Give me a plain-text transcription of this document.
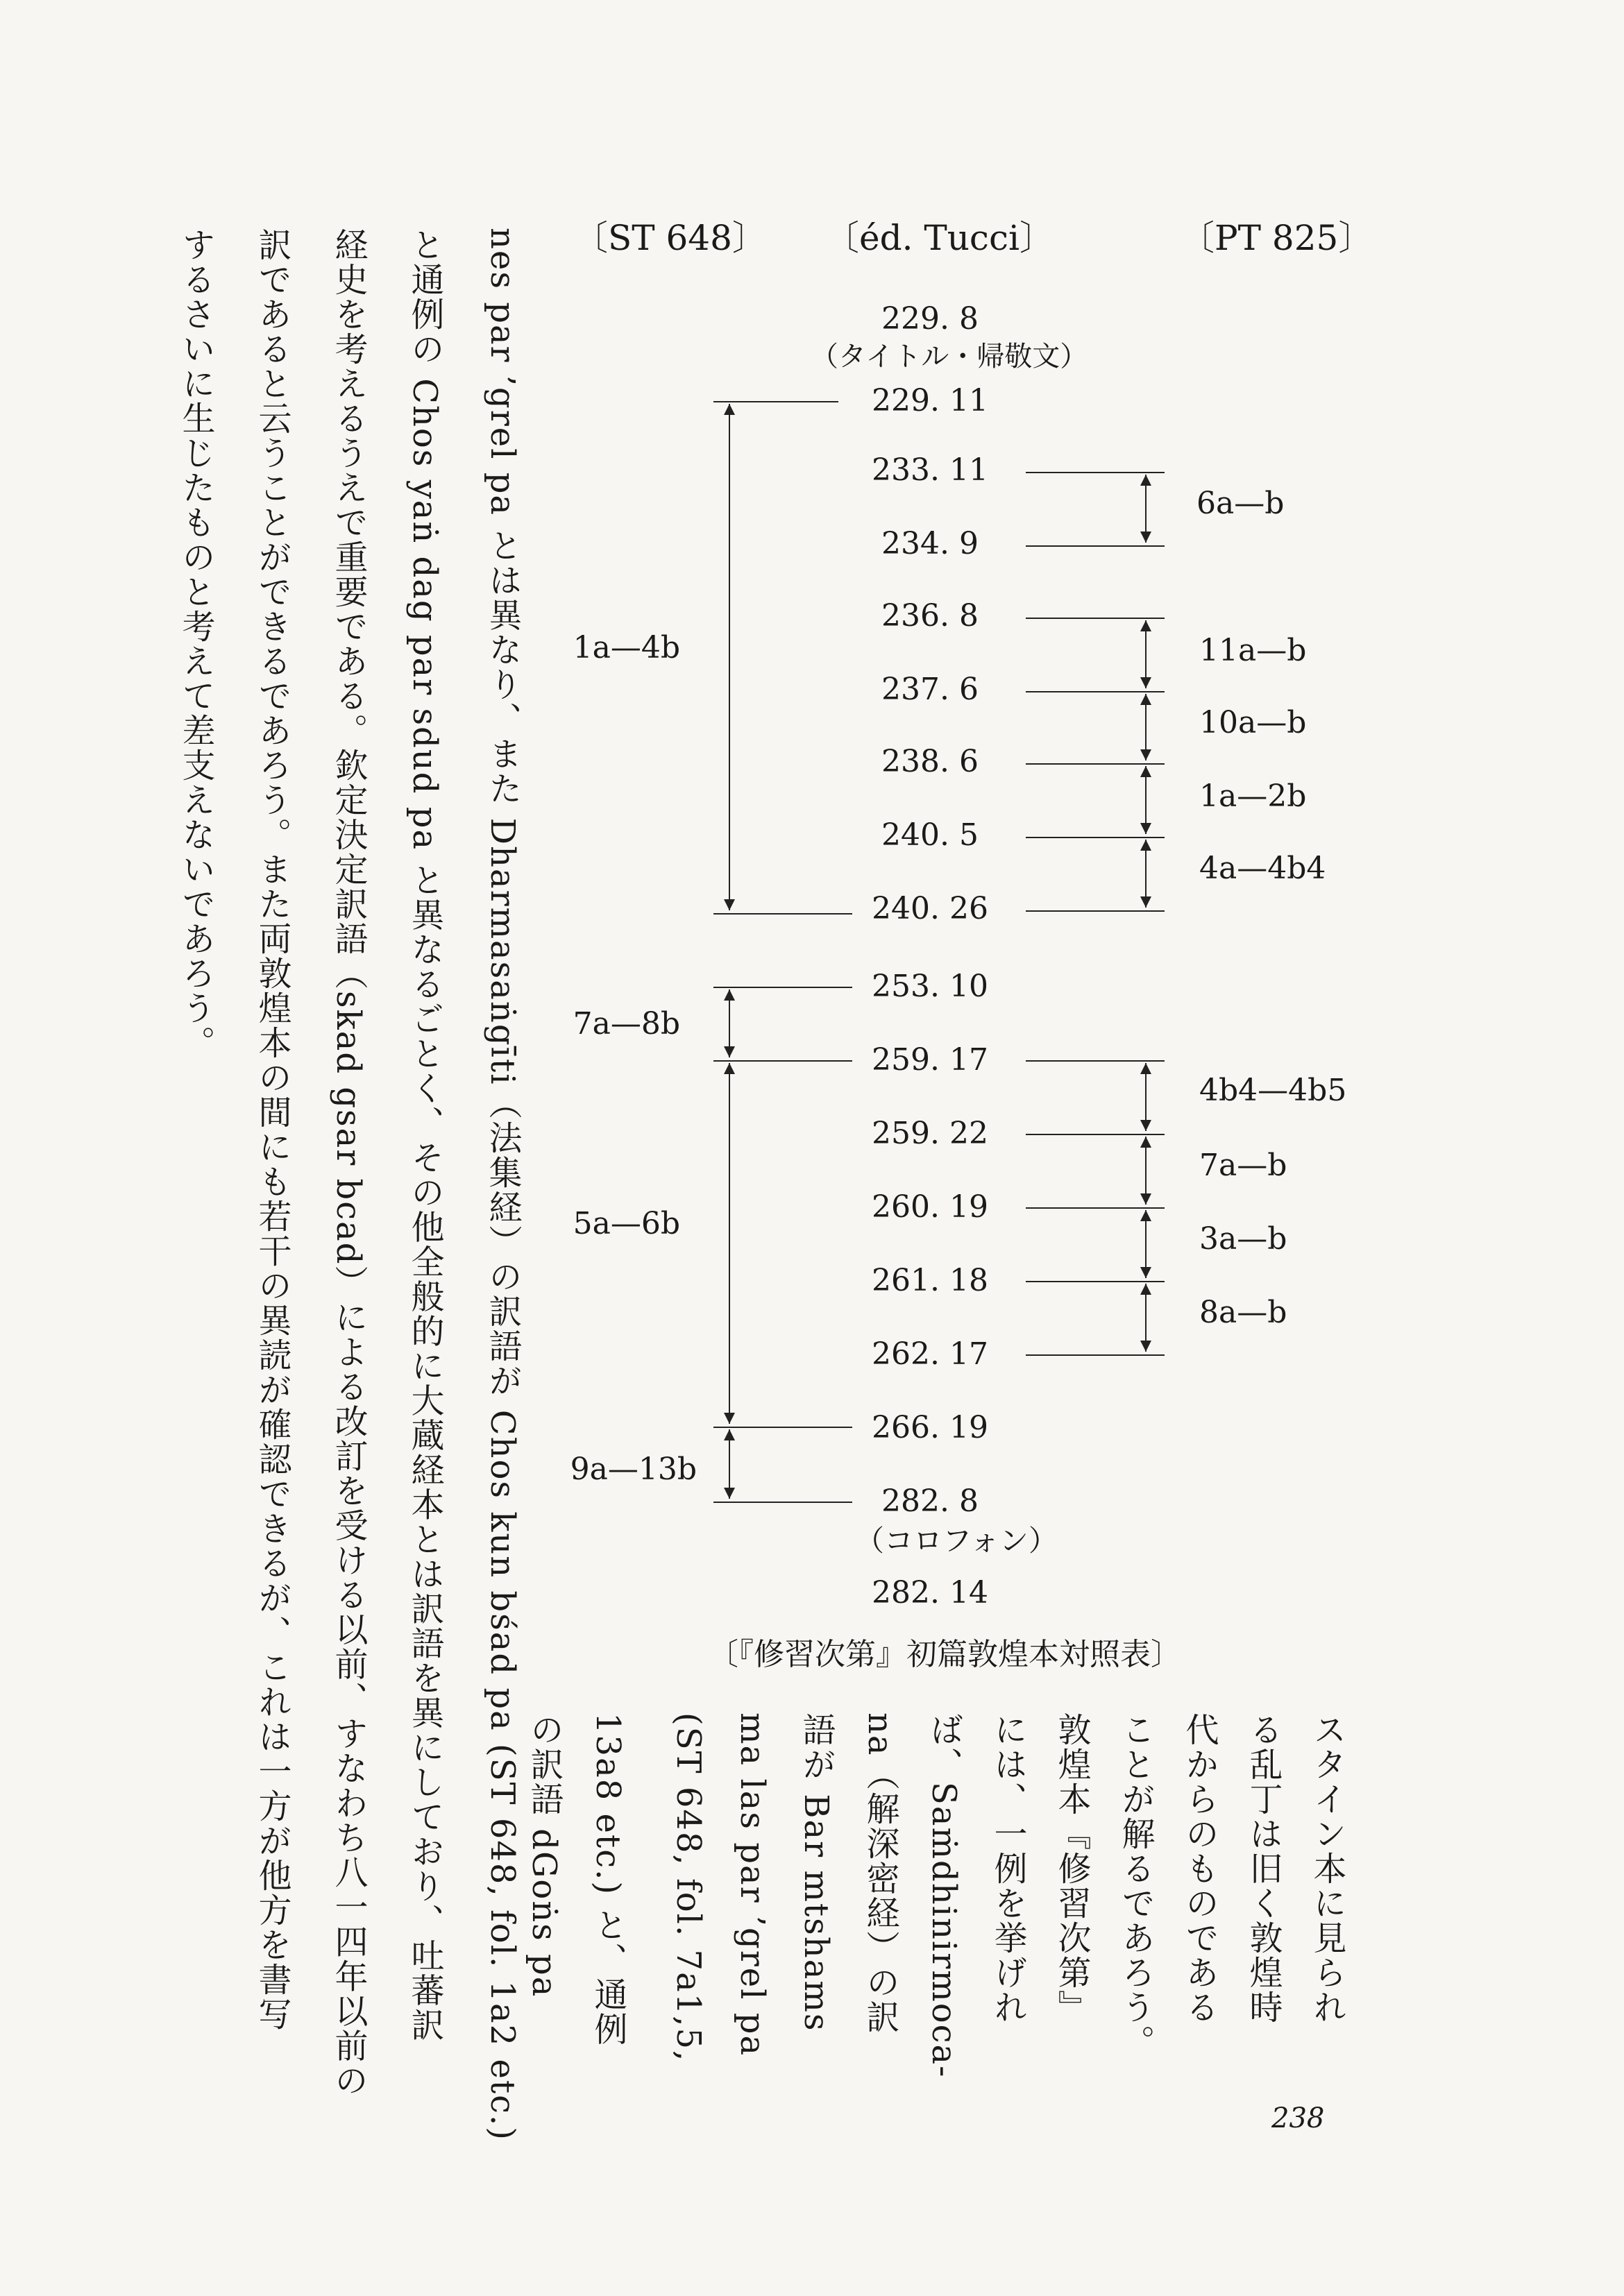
nes par ’grel pa とは異なり、また Dharmasaṅgīti（法集経）の訳語が Chos kun bśad pa (ST 648, fol. 1a2 etc.)
と通例の Chos yaṅ dag par sdud pa と異なるごとく、その他全般的に大蔵経本とは訳語を異にしており、吐蕃訳
経史を考えるうえで重要である。欽定決定訳語（skad gsar bcad）による改訂を受ける以前、すなわち八一四年以前の
訳であると云うことができるであろう。また両敦煌本の間にも若干の異読が確認できるが、これは一方が他方を書写
するさいに生じたものと考えて差支えないであろう。	〔ST 648〕 〔éd. Tucci〕	〔PT 825〕
229. 8
（タイトル・帰敬文）
229. 11
233. 11
234. 9
236. 8
237. 6
238. 6
240. 5
240. 26
253. 10
259. 17
259. 22
260. 19
261. 18
262. 17
266. 19
282. 8
（コロフォン）
282. 14
1a—4b
7a—8b
5a—6b
9a—13b
6a—b
11a—b
10a—b
1a—2b
4a—4b4
4b4—4b5
7a—b
3a—b
8a—b
〔『修習次第』初篇敦煌本対照表〕
スタイン本に見られ
る乱丁は旧く敦煌時
代からのものである
ことが解るであろう。
敦煌本『修習次第』
には、一例を挙げれ
ば、Saṁdhinirmoca-
na（解深密経）の訳
語が Bar mtshams
ma las par ’grel pa
(ST 648, fol. 7a1,5,
13a8 etc.) と、通例
の訳語 dGoṅs pa
238
